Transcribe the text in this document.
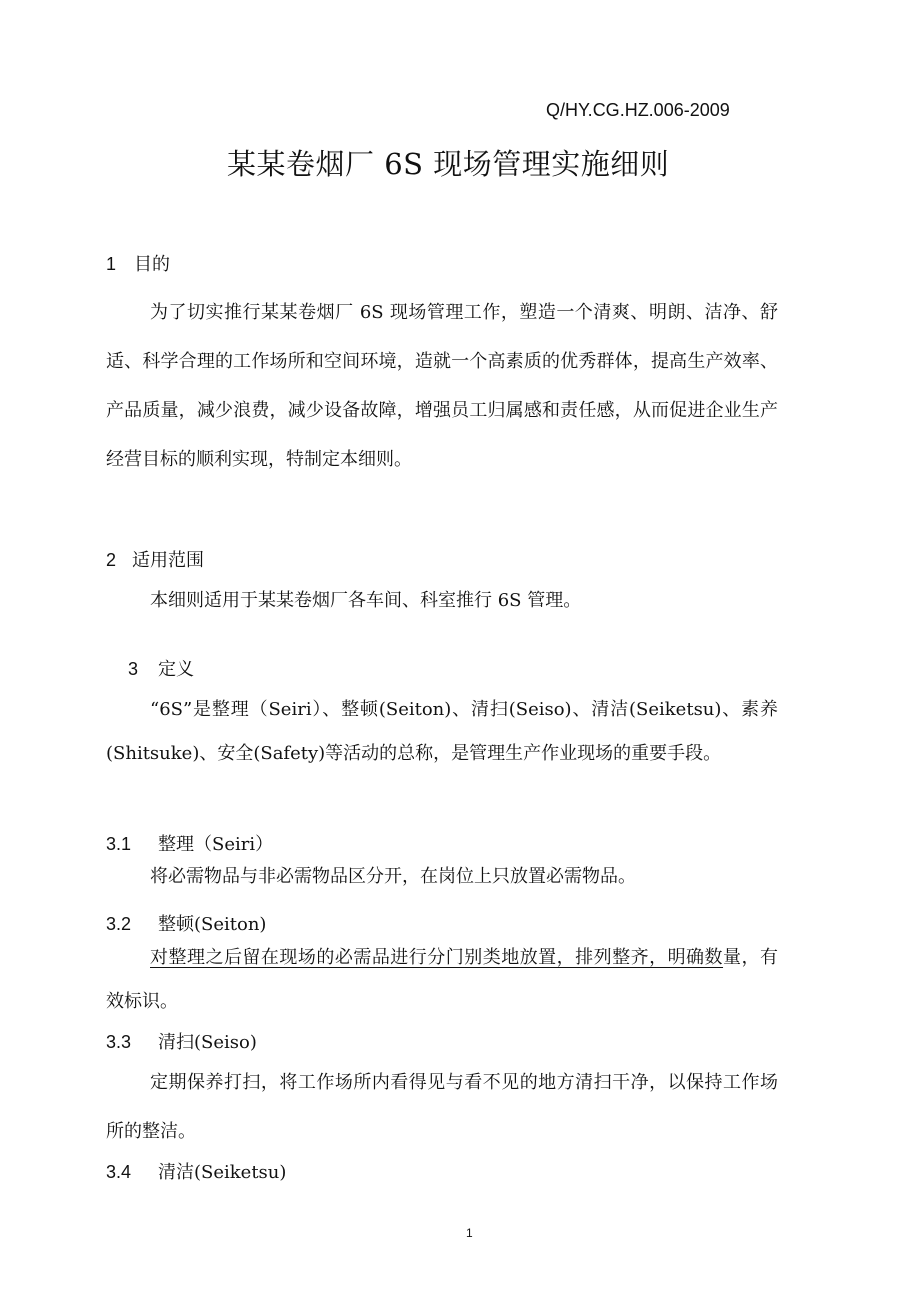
Q/HY.CG.HZ.006-2009
某某卷烟厂 6S 现场管理实施细则
1 目的
为了切实推行某某卷烟厂 6S 现场管理工作，塑造一个清爽、明朗、洁净、舒适、科学合理的工作场所和空间环境，造就一个高素质的优秀群体，提高生产效率、产品质量，减少浪费，减少设备故障，增强员工归属感和责任感，从而促进企业生产经营目标的顺利实现，特制定本细则。
2 适用范围
本细则适用于某某卷烟厂各车间、科室推行 6S 管理。
3 定义
“6S”是整理（Seiri）、整顿(Seiton)、清扫(Seiso)、清洁(Seiketsu)、素养(Shitsuke)、安全(Safety)等活动的总称，是管理生产作业现场的重要手段。
3.1 整理（Seiri）
将必需物品与非必需物品区分开，在岗位上只放置必需物品。
3.2 整顿(Seiton)
对整理之后留在现场的必需品进行分门别类地放置，排列整齐，明确数量，有效标识。
3.3 清扫(Seiso)
定期保养打扫，将工作场所内看得见与看不见的地方清扫干净，以保持工作场所的整洁。
3.4 清洁(Seiketsu)
1
